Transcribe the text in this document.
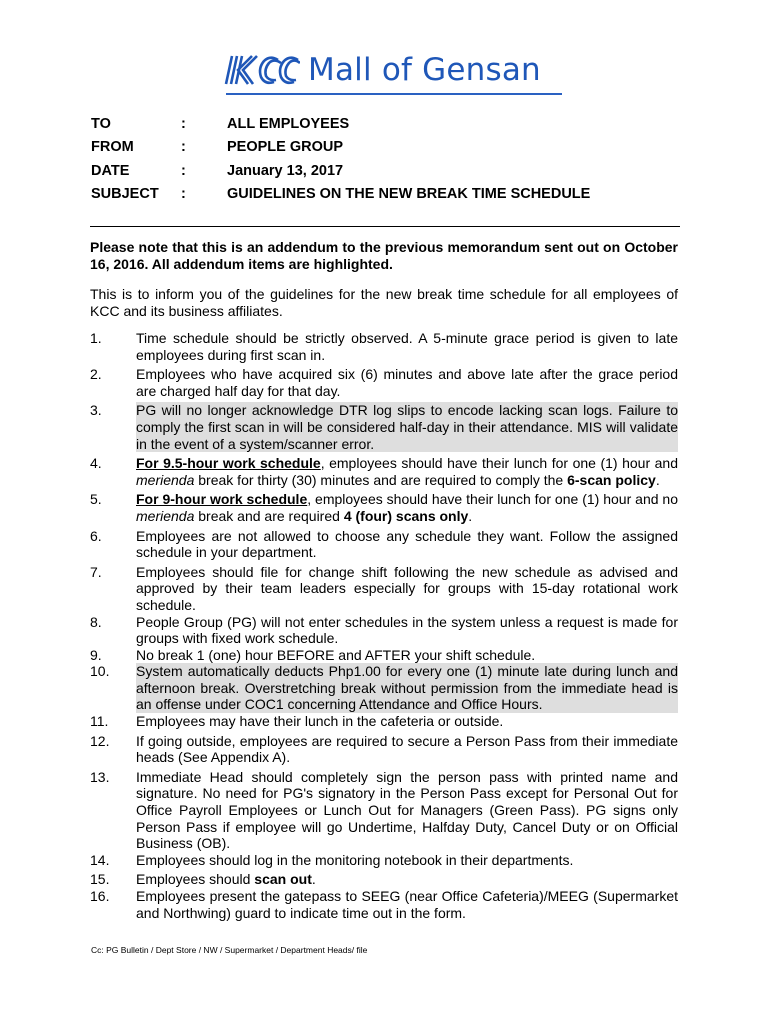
Mall of Gensan
TO	:	ALL EMPLOYEES
FROM	:	PEOPLE GROUP
DATE	:	January 13, 2017
SUBJECT	:	GUIDELINES ON THE NEW BREAK TIME SCHEDULE

Please note that this is an addendum to the previous memorandum sent out on October 16, 2016. All addendum items are highlighted.

This is to inform you of the guidelines for the new break time schedule for all employees of KCC and its business affiliates.

1.	Time schedule should be strictly observed. A 5-minute grace period is given to late employees during first scan in.
2.	Employees who have acquired six (6) minutes and above late after the grace period are charged half day for that day.
3.	PG will no longer acknowledge DTR log slips to encode lacking scan logs. Failure to comply the first scan in will be considered half-day in their attendance. MIS will validate in the event of a system/scanner error.
4.	For 9.5-hour work schedule, employees should have their lunch for one (1) hour and merienda break for thirty (30) minutes and are required to comply the 6-scan policy.
5.	For 9-hour work schedule, employees should have their lunch for one (1) hour and no merienda break and are required 4 (four) scans only.
6.	Employees are not allowed to choose any schedule they want. Follow the assigned schedule in your department.
7.	Employees should file for change shift following the new schedule as advised and approved by their team leaders especially for groups with 15-day rotational work schedule.
8.	People Group (PG) will not enter schedules in the system unless a request is made for groups with fixed work schedule.
9.	No break 1 (one) hour BEFORE and AFTER your shift schedule.
10.	System automatically deducts Php1.00 for every one (1) minute late during lunch and afternoon break. Overstretching break without permission from the immediate head is an offense under COC1 concerning Attendance and Office Hours.
11.	Employees may have their lunch in the cafeteria or outside.
12.	If going outside, employees are required to secure a Person Pass from their immediate heads (See Appendix A).
13.	Immediate Head should completely sign the person pass with printed name and signature. No need for PG's signatory in the Person Pass except for Personal Out for Office Payroll Employees or Lunch Out for Managers (Green Pass). PG signs only Person Pass if employee will go Undertime, Halfday Duty, Cancel Duty or on Official Business (OB).
14.	Employees should log in the monitoring notebook in their departments.
15.	Employees should scan out.
16.	Employees present the gatepass to SEEG (near Office Cafeteria)/MEEG (Supermarket and Northwing) guard to indicate time out in the form.
Cc: PG Bulletin / Dept Store / NW / Supermarket / Department Heads/ file
